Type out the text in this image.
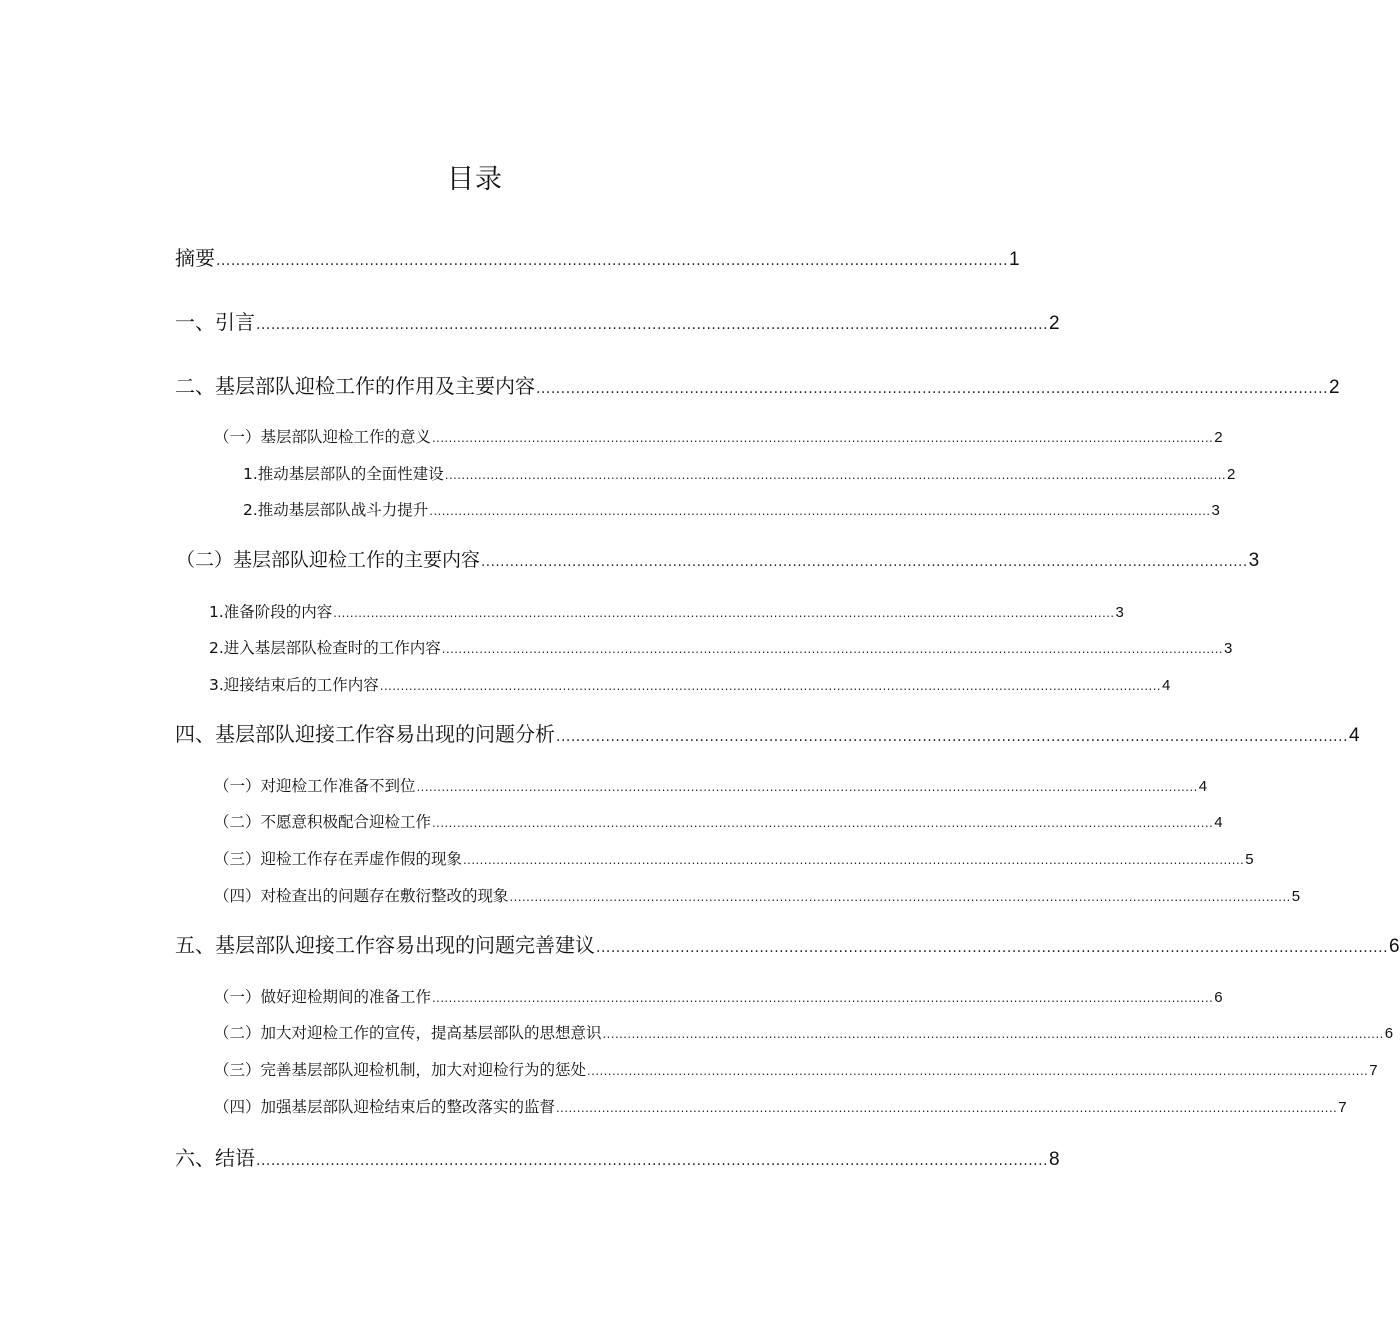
目录
摘要 ................................................................................................................................................................ 1
一、引言 ................................................................................................................................................................ 2
二、基层部队迎检工作的作用及主要内容 ................................................................................................................................................................ 2
（一）基层部队迎检工作的意义 ............................................................................................................................................................................................ 2
1.推动基层部队的全面性建设 ............................................................................................................................................................................................ 2
2.推动基层部队战斗力提升 ............................................................................................................................................................................................ 3
（二）基层部队迎检工作的主要内容 ................................................................................................................................................................ 3
1.准备阶段的内容 ............................................................................................................................................................................................ 3
2.进入基层部队检查时的工作内容 ............................................................................................................................................................................................ 3
3.迎接结束后的工作内容 ............................................................................................................................................................................................ 4
四、基层部队迎接工作容易出现的问题分析 ................................................................................................................................................................ 4
（一）对迎检工作准备不到位 ............................................................................................................................................................................................ 4
（二）不愿意积极配合迎检工作 ............................................................................................................................................................................................ 4
（三）迎检工作存在弄虚作假的现象 ............................................................................................................................................................................................ 5
（四）对检查出的问题存在敷衍整改的现象 ............................................................................................................................................................................................ 5
五、基层部队迎接工作容易出现的问题完善建议 ................................................................................................................................................................ 6
（一）做好迎检期间的准备工作 ............................................................................................................................................................................................ 6
（二）加大对迎检工作的宣传，提高基层部队的思想意识 ............................................................................................................................................................................................ 6
（三）完善基层部队迎检机制，加大对迎检行为的惩处 ............................................................................................................................................................................................ 7
（四）加强基层部队迎检结束后的整改落实的监督 ............................................................................................................................................................................................ 7
六、结语 ................................................................................................................................................................ 8
